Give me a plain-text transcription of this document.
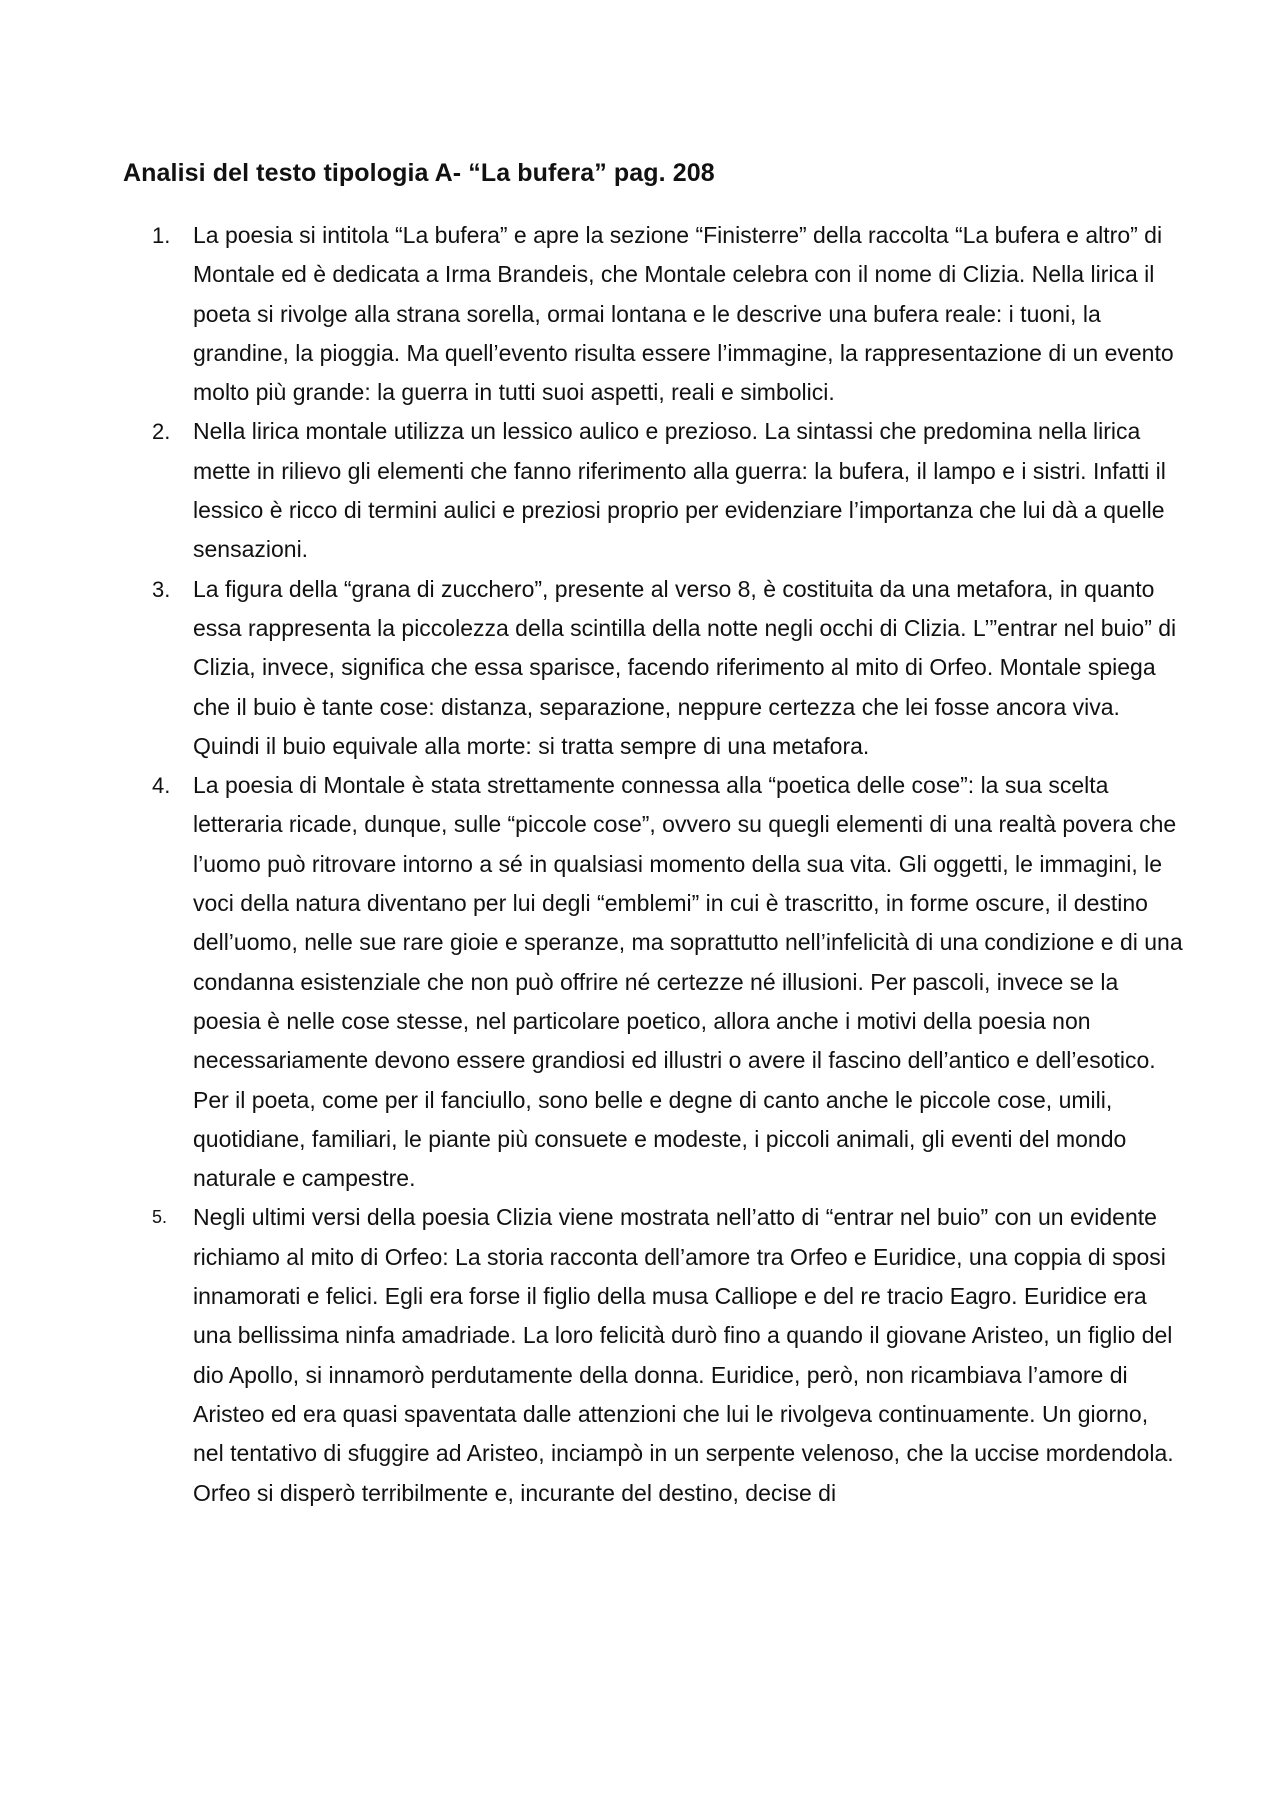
Analisi del testo tipologia A- “La bufera” pag. 208
1. La poesia si intitola “La bufera” e apre la sezione “Finisterre” della raccolta “La bufera e altro” di Montale ed è dedicata a Irma Brandeis, che Montale celebra con il nome di Clizia. Nella lirica il poeta si rivolge alla strana sorella, ormai lontana e le descrive una bufera reale: i tuoni, la grandine, la pioggia. Ma quell’evento risulta essere l’immagine, la rappresentazione di un evento molto più grande: la guerra in tutti suoi aspetti, reali e simbolici.
2. Nella lirica montale utilizza un lessico aulico e prezioso. La sintassi che predomina nella lirica mette in rilievo gli elementi che fanno riferimento alla guerra: la bufera, il lampo e i sistri. Infatti il lessico è ricco di termini aulici e preziosi proprio per evidenziare l’importanza che lui dà a quelle sensazioni.
3. La figura della “grana di zucchero”, presente al verso 8, è costituita da una metafora, in quanto essa rappresenta la piccolezza della scintilla della notte negli occhi di Clizia. L’”entrar nel buio” di Clizia, invece, significa che essa sparisce, facendo riferimento al mito di Orfeo. Montale spiega che il buio è tante cose: distanza, separazione, neppure certezza che lei fosse ancora viva. Quindi il buio equivale alla morte: si tratta sempre di una metafora.
4. La poesia di Montale è stata strettamente connessa alla “poetica delle cose”: la sua scelta letteraria ricade, dunque, sulle “piccole cose”, ovvero su quegli elementi di una realtà povera che l’uomo può ritrovare intorno a sé in qualsiasi momento della sua vita. Gli oggetti, le immagini, le voci della natura diventano per lui degli “emblemi” in cui è trascritto, in forme oscure, il destino dell’uomo, nelle sue rare gioie e speranze, ma soprattutto nell’infelicità di una condizione e di una condanna esistenziale che non può offrire né certezze né illusioni. Per pascoli, invece se la poesia è nelle cose stesse, nel particolare poetico, allora anche i motivi della poesia non necessariamente devono essere grandiosi ed illustri o avere il fascino dell’antico e dell’esotico. Per il poeta, come per il fanciullo, sono belle e degne di canto anche le piccole cose, umili, quotidiane, familiari, le piante più consuete e modeste, i piccoli animali, gli eventi del mondo naturale e campestre.
5. Negli ultimi versi della poesia Clizia viene mostrata nell’atto di “entrar nel buio” con un evidente richiamo al mito di Orfeo: La storia racconta dell’amore tra Orfeo e Euridice, una coppia di sposi innamorati e felici. Egli era forse il figlio della musa Calliope e del re tracio Eagro. Euridice era una bellissima ninfa amadriade. La loro felicità durò fino a quando il giovane Aristeo, un figlio del dio Apollo, si innamorò perdutamente della donna. Euridice, però, non ricambiava l’amore di Aristeo ed era quasi spaventata dalle attenzioni che lui le rivolgeva continuamente. Un giorno, nel tentativo di sfuggire ad Aristeo, inciampò in un serpente velenoso, che la uccise mordendola. Orfeo si disperò terribilmente e, incurante del destino, decise di
